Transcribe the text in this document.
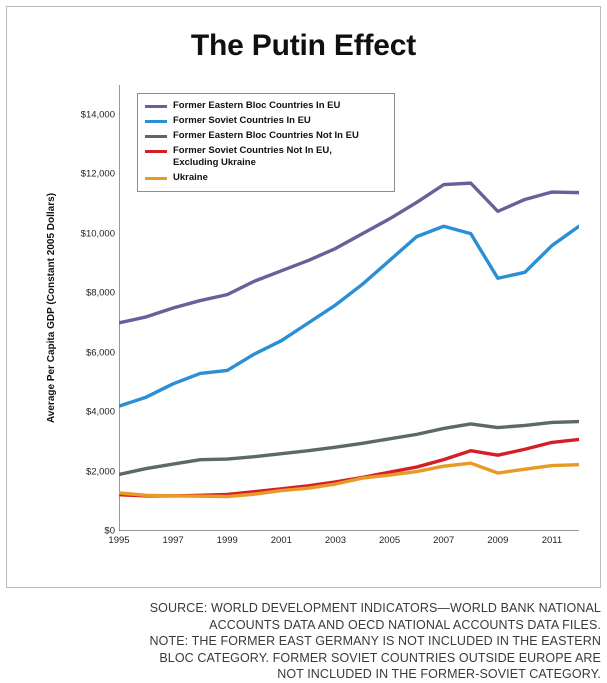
The Putin Effect
Average Per Capita GDP (Constant 2005 Dollars)
$0
$2,000
$4,000
$6,000
$8,000
$10,000
$12,000
$14,000
1995	1997	1999	2001	2003	2005	2007	2009	2011
Former Eastern Bloc Countries In EU
Former Soviet Countries In EU
Former Eastern Bloc Countries Not In EU
Former Soviet Countries Not In EU,
Excluding Ukraine
Ukraine
SOURCE: WORLD DEVELOPMENT INDICATORS—WORLD BANK NATIONAL
ACCOUNTS DATA AND OECD NATIONAL ACCOUNTS DATA FILES.
NOTE: THE FORMER EAST GERMANY IS NOT INCLUDED IN THE EASTERN
BLOC CATEGORY. FORMER SOVIET COUNTRIES OUTSIDE EUROPE ARE
NOT INCLUDED IN THE FORMER-SOVIET CATEGORY.
